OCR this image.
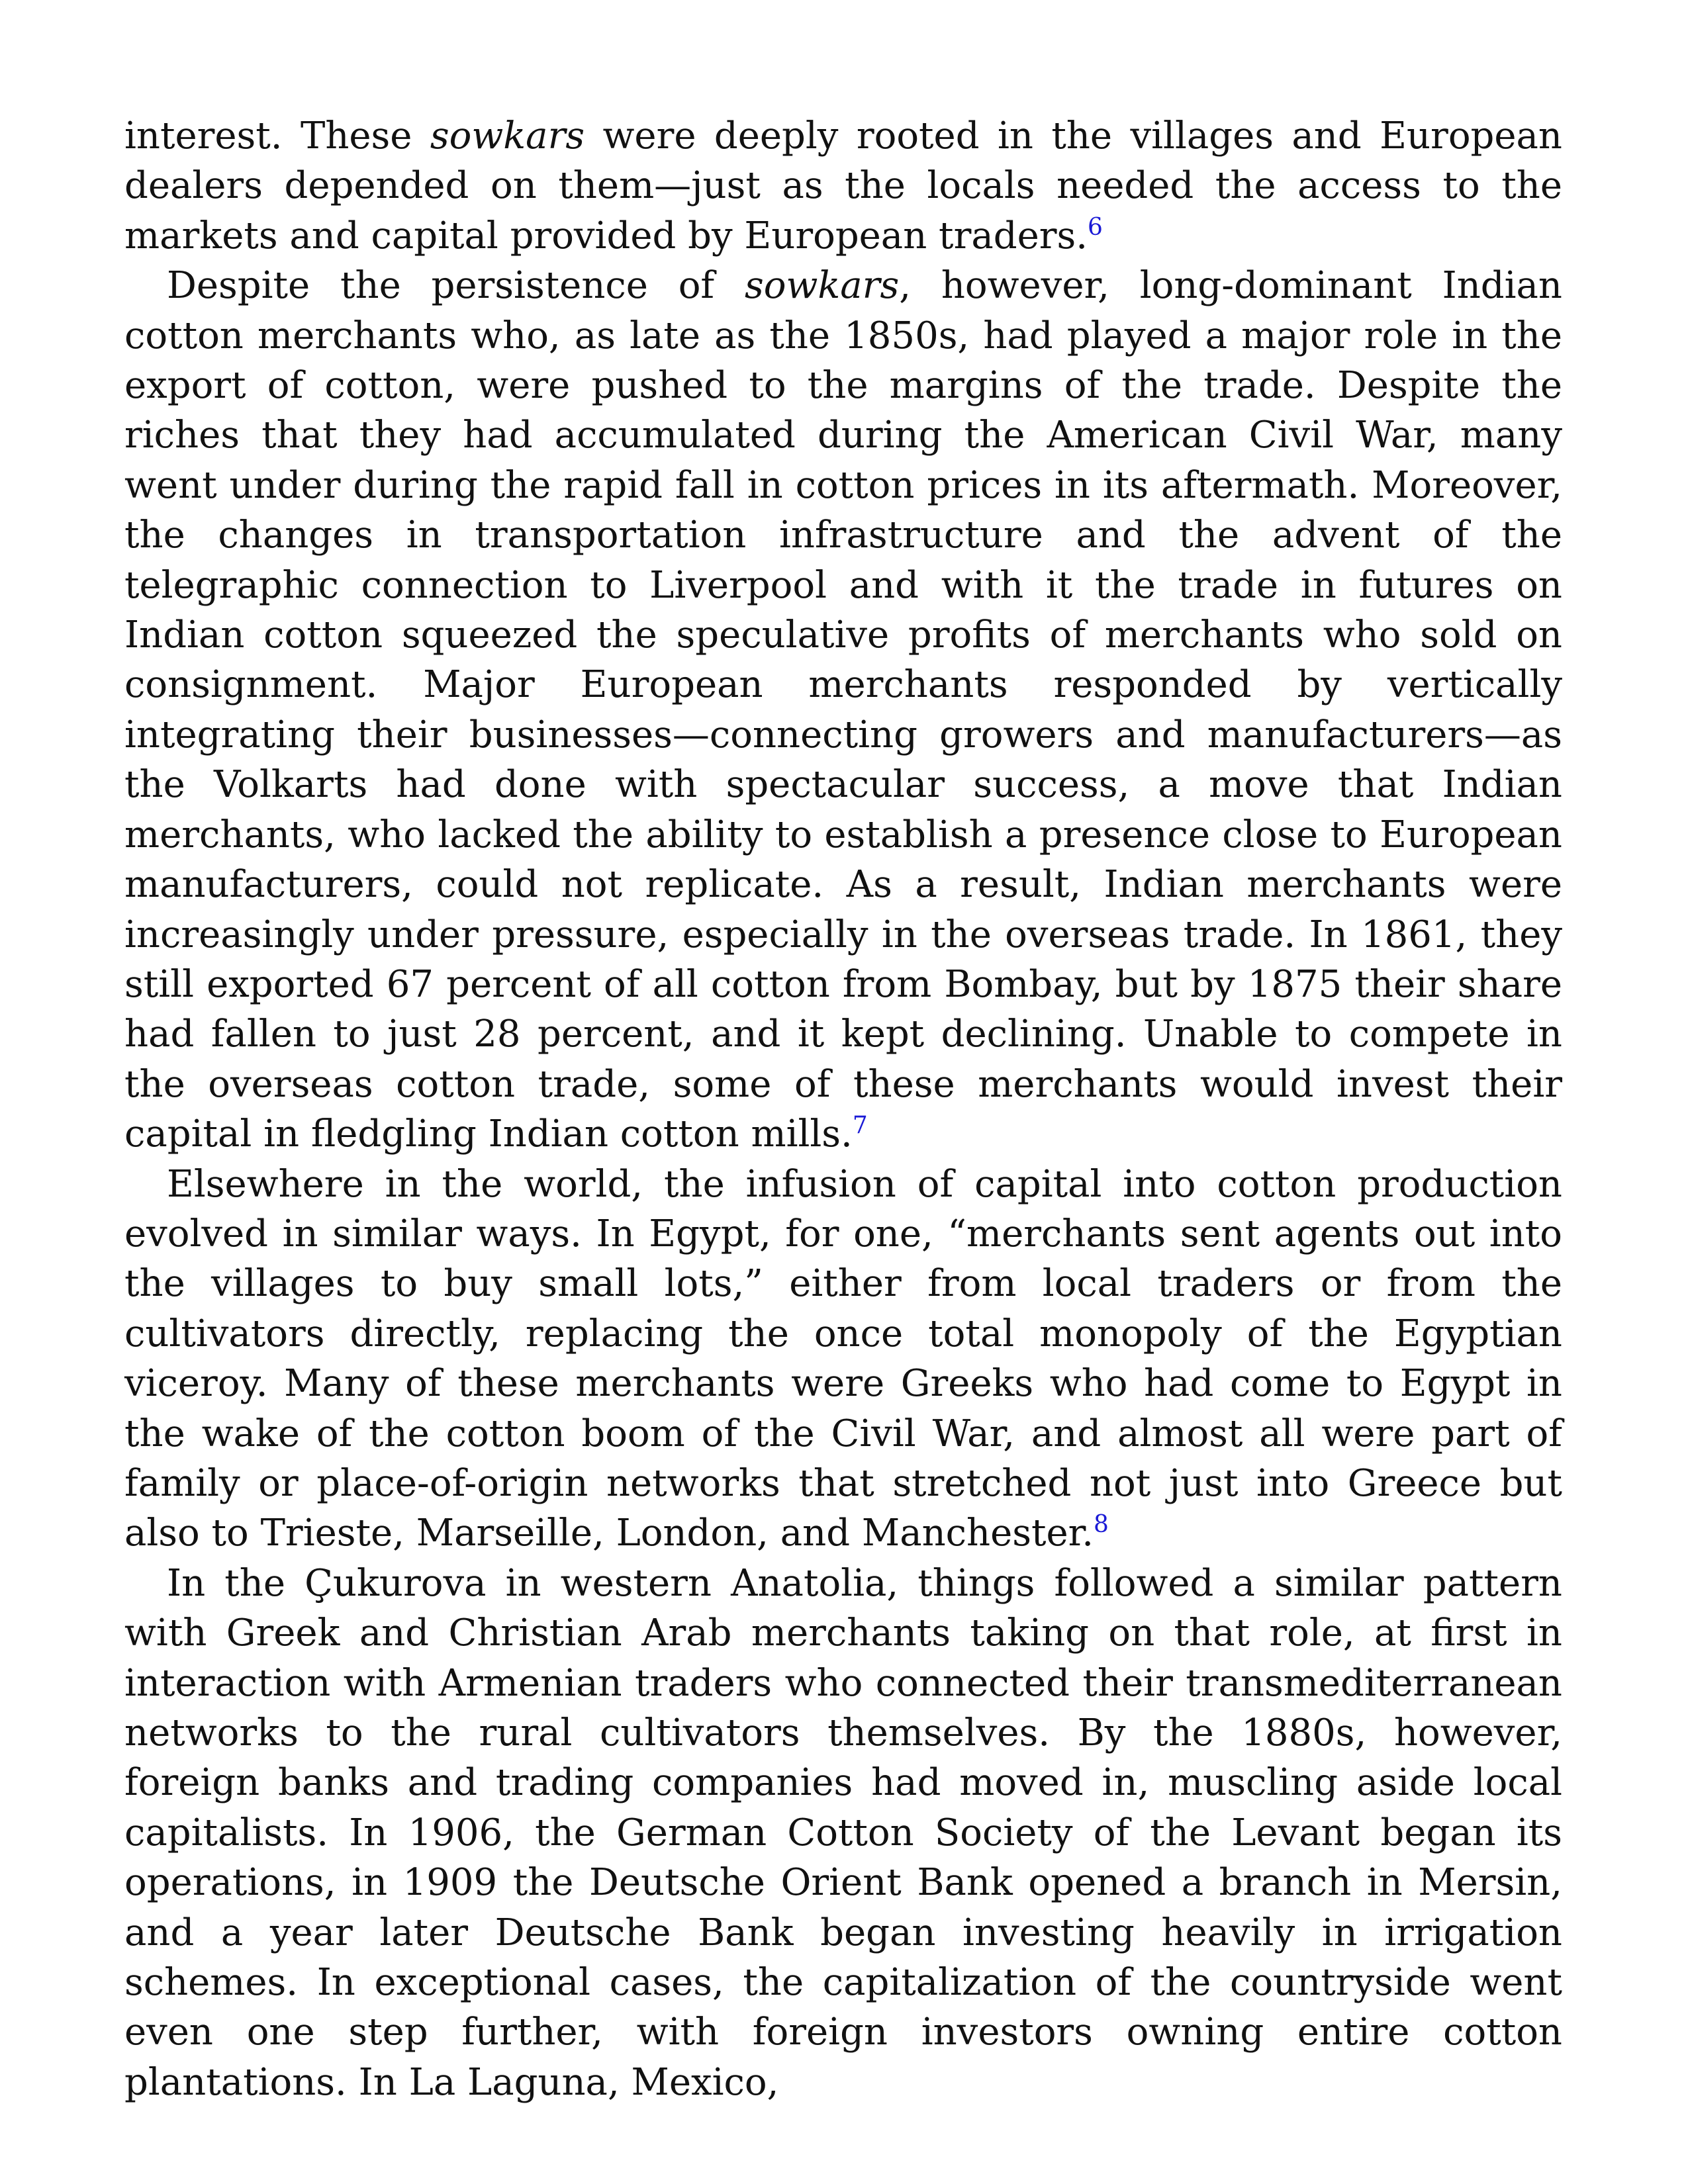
interest. These sowkars were deeply rooted in the villages and European dealers depended on them—just as the locals needed the access to the markets and capital provided by European traders.$^6$

Despite the persistence of sowkars, however, long-dominant Indian cotton merchants who, as late as the 1850s, had played a major role in the export of cotton, were pushed to the margins of the trade. Despite the riches that they had accumulated during the American Civil War, many went under during the rapid fall in cotton prices in its aftermath. Moreover, the changes in transportation infrastructure and the advent of the telegraphic connection to Liverpool and with it the trade in futures on Indian cotton squeezed the speculative profits of merchants who sold on consignment. Major European merchants responded by vertically integrating their businesses—connecting growers and manufacturers—as the Volkarts had done with spectacular success, a move that Indian merchants, who lacked the ability to establish a presence close to European manufacturers, could not replicate. As a result, Indian merchants were increasingly under pressure, especially in the overseas trade. In 1861, they still exported 67 percent of all cotton from Bombay, but by 1875 their share had fallen to just 28 percent, and it kept declining. Unable to compete in the overseas cotton trade, some of these merchants would invest their capital in fledgling Indian cotton mills.$^7$

Elsewhere in the world, the infusion of capital into cotton production evolved in similar ways. In Egypt, for one, “merchants sent agents out into the villages to buy small lots,” either from local traders or from the cultivators directly, replacing the once total monopoly of the Egyptian viceroy. Many of these merchants were Greeks who had come to Egypt in the wake of the cotton boom of the Civil War, and almost all were part of family or place-of-origin networks that stretched not just into Greece but also to Trieste, Marseille, London, and Manchester.$^8$

In the Çukurova in western Anatolia, things followed a similar pattern with Greek and Christian Arab merchants taking on that role, at first in interaction with Armenian traders who connected their transmediterranean networks to the rural cultivators themselves. By the 1880s, however, foreign banks and trading companies had moved in, muscling aside local capitalists. In 1906, the German Cotton Society of the Levant began its operations, in 1909 the Deutsche Orient Bank opened a branch in Mersin, and a year later Deutsche Bank began investing heavily in irrigation schemes. In exceptional cases, the capitalization of the countryside went even one step further, with foreign investors owning entire cotton plantations. In La Laguna, Mexico,
